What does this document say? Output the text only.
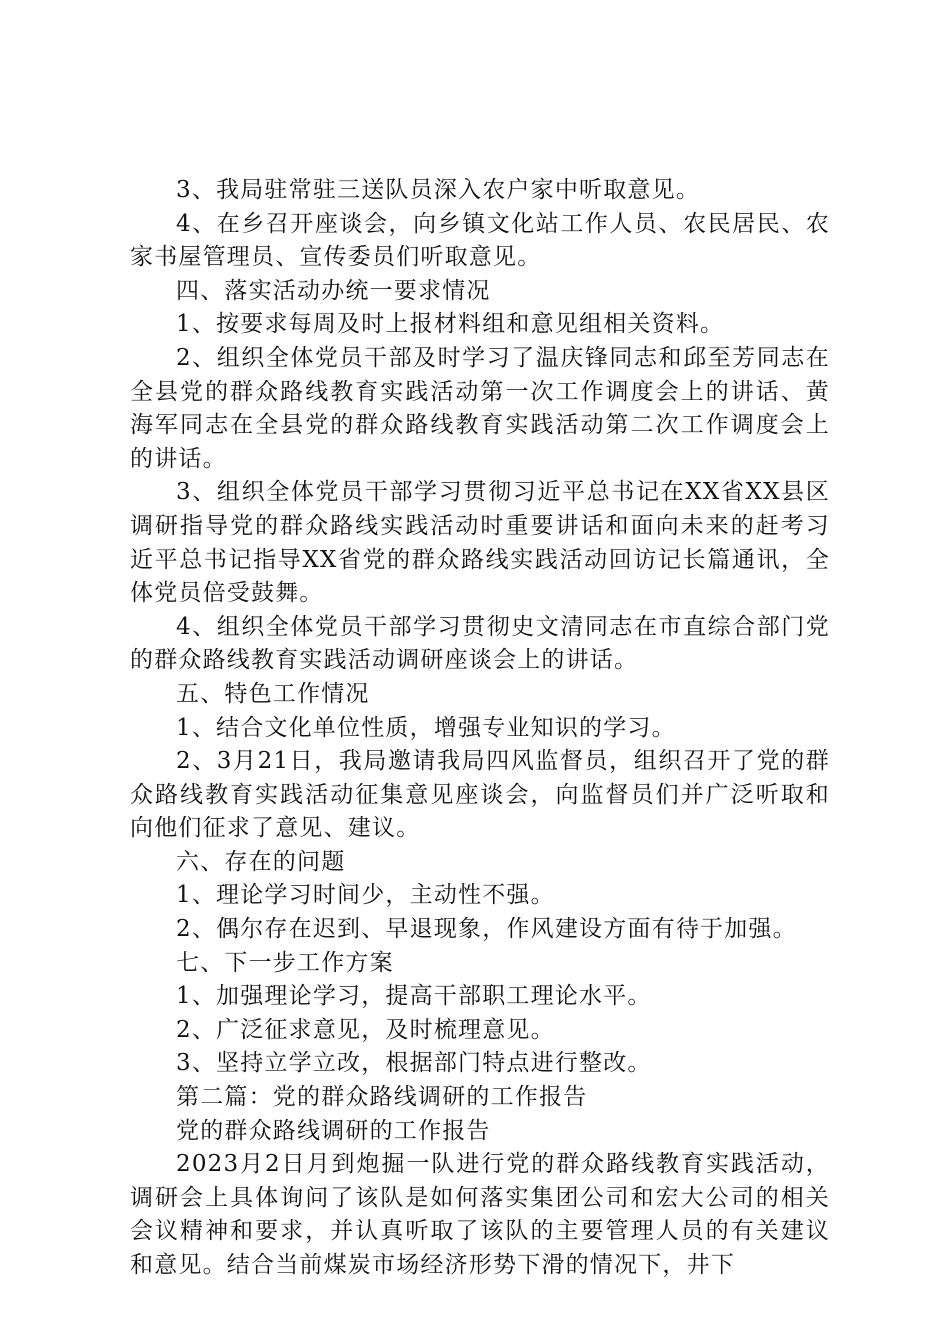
3、我局驻常驻三送队员深入农户家中听取意见。

4、在乡召开座谈会，向乡镇文化站工作人员、农民居民、农家书屋管理员、宣传委员们听取意见。

四、落实活动办统一要求情况

1、按要求每周及时上报材料组和意见组相关资料。

2、组织全体党员干部及时学习了温庆锋同志和邱至芳同志在全县党的群众路线教育实践活动第一次工作调度会上的讲话、黄海军同志在全县党的群众路线教育实践活动第二次工作调度会上的讲话。

3、组织全体党员干部学习贯彻习近平总书记在XX省XX县区调研指导党的群众路线实践活动时重要讲话和面向未来的赶考习近平总书记指导XX省党的群众路线实践活动回访记长篇通讯，全体党员倍受鼓舞。

4、组织全体党员干部学习贯彻史文清同志在市直综合部门党的群众路线教育实践活动调研座谈会上的讲话。

五、特色工作情况

1、结合文化单位性质，增强专业知识的学习。

2、3月21日，我局邀请我局四风监督员，组织召开了党的群众路线教育实践活动征集意见座谈会，向监督员们并广泛听取和向他们征求了意见、建议。

六、存在的问题

1、理论学习时间少，主动性不强。

2、偶尔存在迟到、早退现象，作风建设方面有待于加强。

七、下一步工作方案

1、加强理论学习，提高干部职工理论水平。

2、广泛征求意见，及时梳理意见。

3、坚持立学立改，根据部门特点进行整改。

第二篇：党的群众路线调研的工作报告

党的群众路线调研的工作报告

2023月2日月到炮掘一队进行党的群众路线教育实践活动，调研会上具体询问了该队是如何落实集团公司和宏大公司的相关会议精神和要求，并认真听取了该队的主要管理人员的有关建议和意见。结合当前煤炭市场经济形势下滑的情况下，井下
